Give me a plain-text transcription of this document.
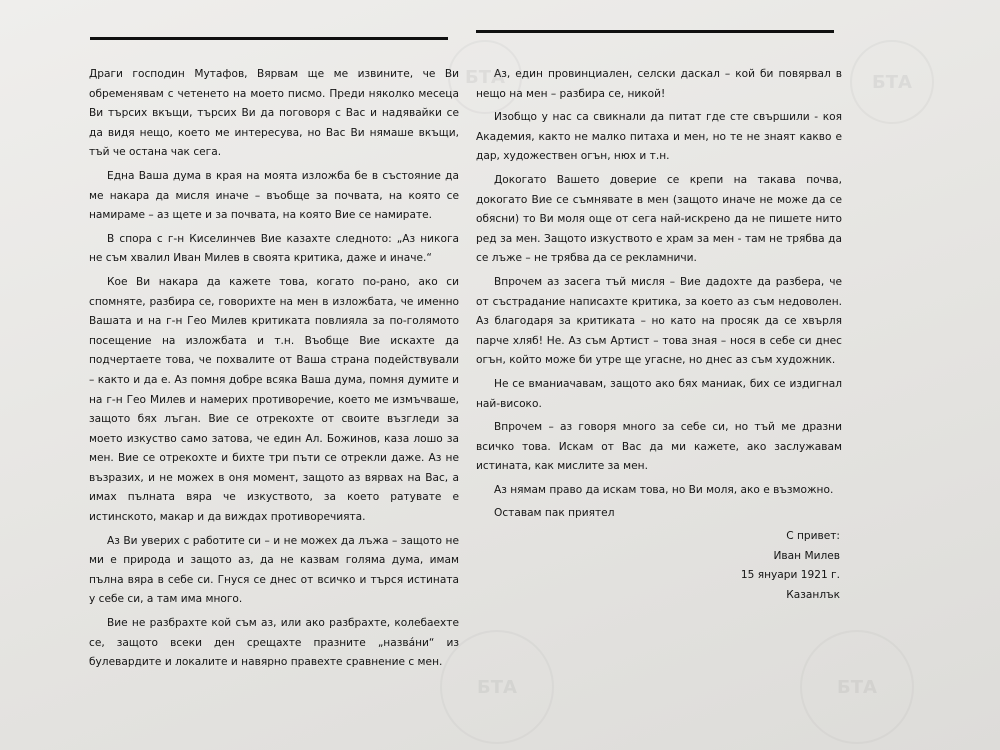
Драги господин Мутафов, Вярвам ще ме извините, че Ви обременявам с четенето на моето писмо. Преди няколко месеца Ви търсих вкъщи, търсих Ви да поговоря с Вас и надявайки се да видя нещо, което ме интересува, но Вас Ви нямаше вкъщи, тъй че остана чак сега.

Една Ваша дума в края на моята изложба бе в състояние да ме накара да мисля иначе – въобще за почвата, на която се намираме – аз щете и за почвата, на която Вие се намирате.

В спора с г-н Киселинчев Вие казахте следното: „Аз никога не съм хвалил Иван Милев в своята критика, даже и иначе.“

Кое Ви накара да кажете това, когато по-рано, ако си спомняте, разбира се, говорихте на мен в изложбата, че именно Вашата и на г-н Гео Милев критиката повлияла за по-голямото посещение на изложбата и т.н. Въобще Вие искахте да подчертаете това, че похвалите от Ваша страна подействували – както и да е. Аз помня добре всяка Ваша дума, помня думите и на г-н Гео Милев и намерих противоречие, което ме измъчваше, защото бях лъган. Вие се отрекохте от своите възгледи за моето изкуство само затова, че един Ал. Божинов, каза лошо за мен. Вие се отрекохте и бихте три пъти се отрекли даже. Аз не възразих, и не можех в оня момент, защото аз вярвах на Вас, а имах пълната вяра че изкуството, за което ратувате е истинското, макар и да виждах противоречията.

Аз Ви уверих с работите си – и не можех да лъжа – защото не ми е природа и защото аз, да не казвам голяма дума, имам пълна вяра в себе си. Гнуся се днес от всичко и търся истината у себе си, а там има много.

Вие не разбрахте кой съм аз, или ако разбрахте, колебаехте се, защото всеки ден срещахте празните „назвáни“ из булевардите и локалите и навярно правехте сравнение с мен.

Аз, един провинциален, селски даскал – кой би повярвал в нещо на мен – разбира се, никой!

Изобщо у нас са свикнали да питат где сте свършили - коя Академия, както не малко питаха и мен, но те не знаят какво е дар, художествен огън, нюх и т.н.

Докогато Вашето доверие се крепи на такава почва, докогато Вие се съмнявате в мен (защото иначе не може да се обясни) то Ви моля още от сега най-искрено да не пишете нито ред за мен. Защото изкуството е храм за мен - там не трябва да се лъже – не трябва да се рекламничи.

Впрочем аз засега тъй мисля – Вие дадохте да разбера, че от състрадание написахте критика, за което аз съм недоволен. Аз благодаря за критиката – но като на просяк да се хвърля парче хляб! Не. Аз съм Артист – това зная – нося в себе си днес огън, който може би утре ще угасне, но днес аз съм художник.

Не се вманиачавам, защото ако бях маниак, бих се издигнал най-високо.

Впрочем – аз говоря много за себе си, но тъй ме дразни всичко това. Искам от Вас да ми кажете, ако заслужавам истината, как мислите за мен.

Аз нямам право да искам това, но Ви моля, ако е възможно.

Оставам пак приятел

С привет:
Иван Милев
15 януари 1921 г.
Казанлък
БТА	БТА
БТА	БТА
